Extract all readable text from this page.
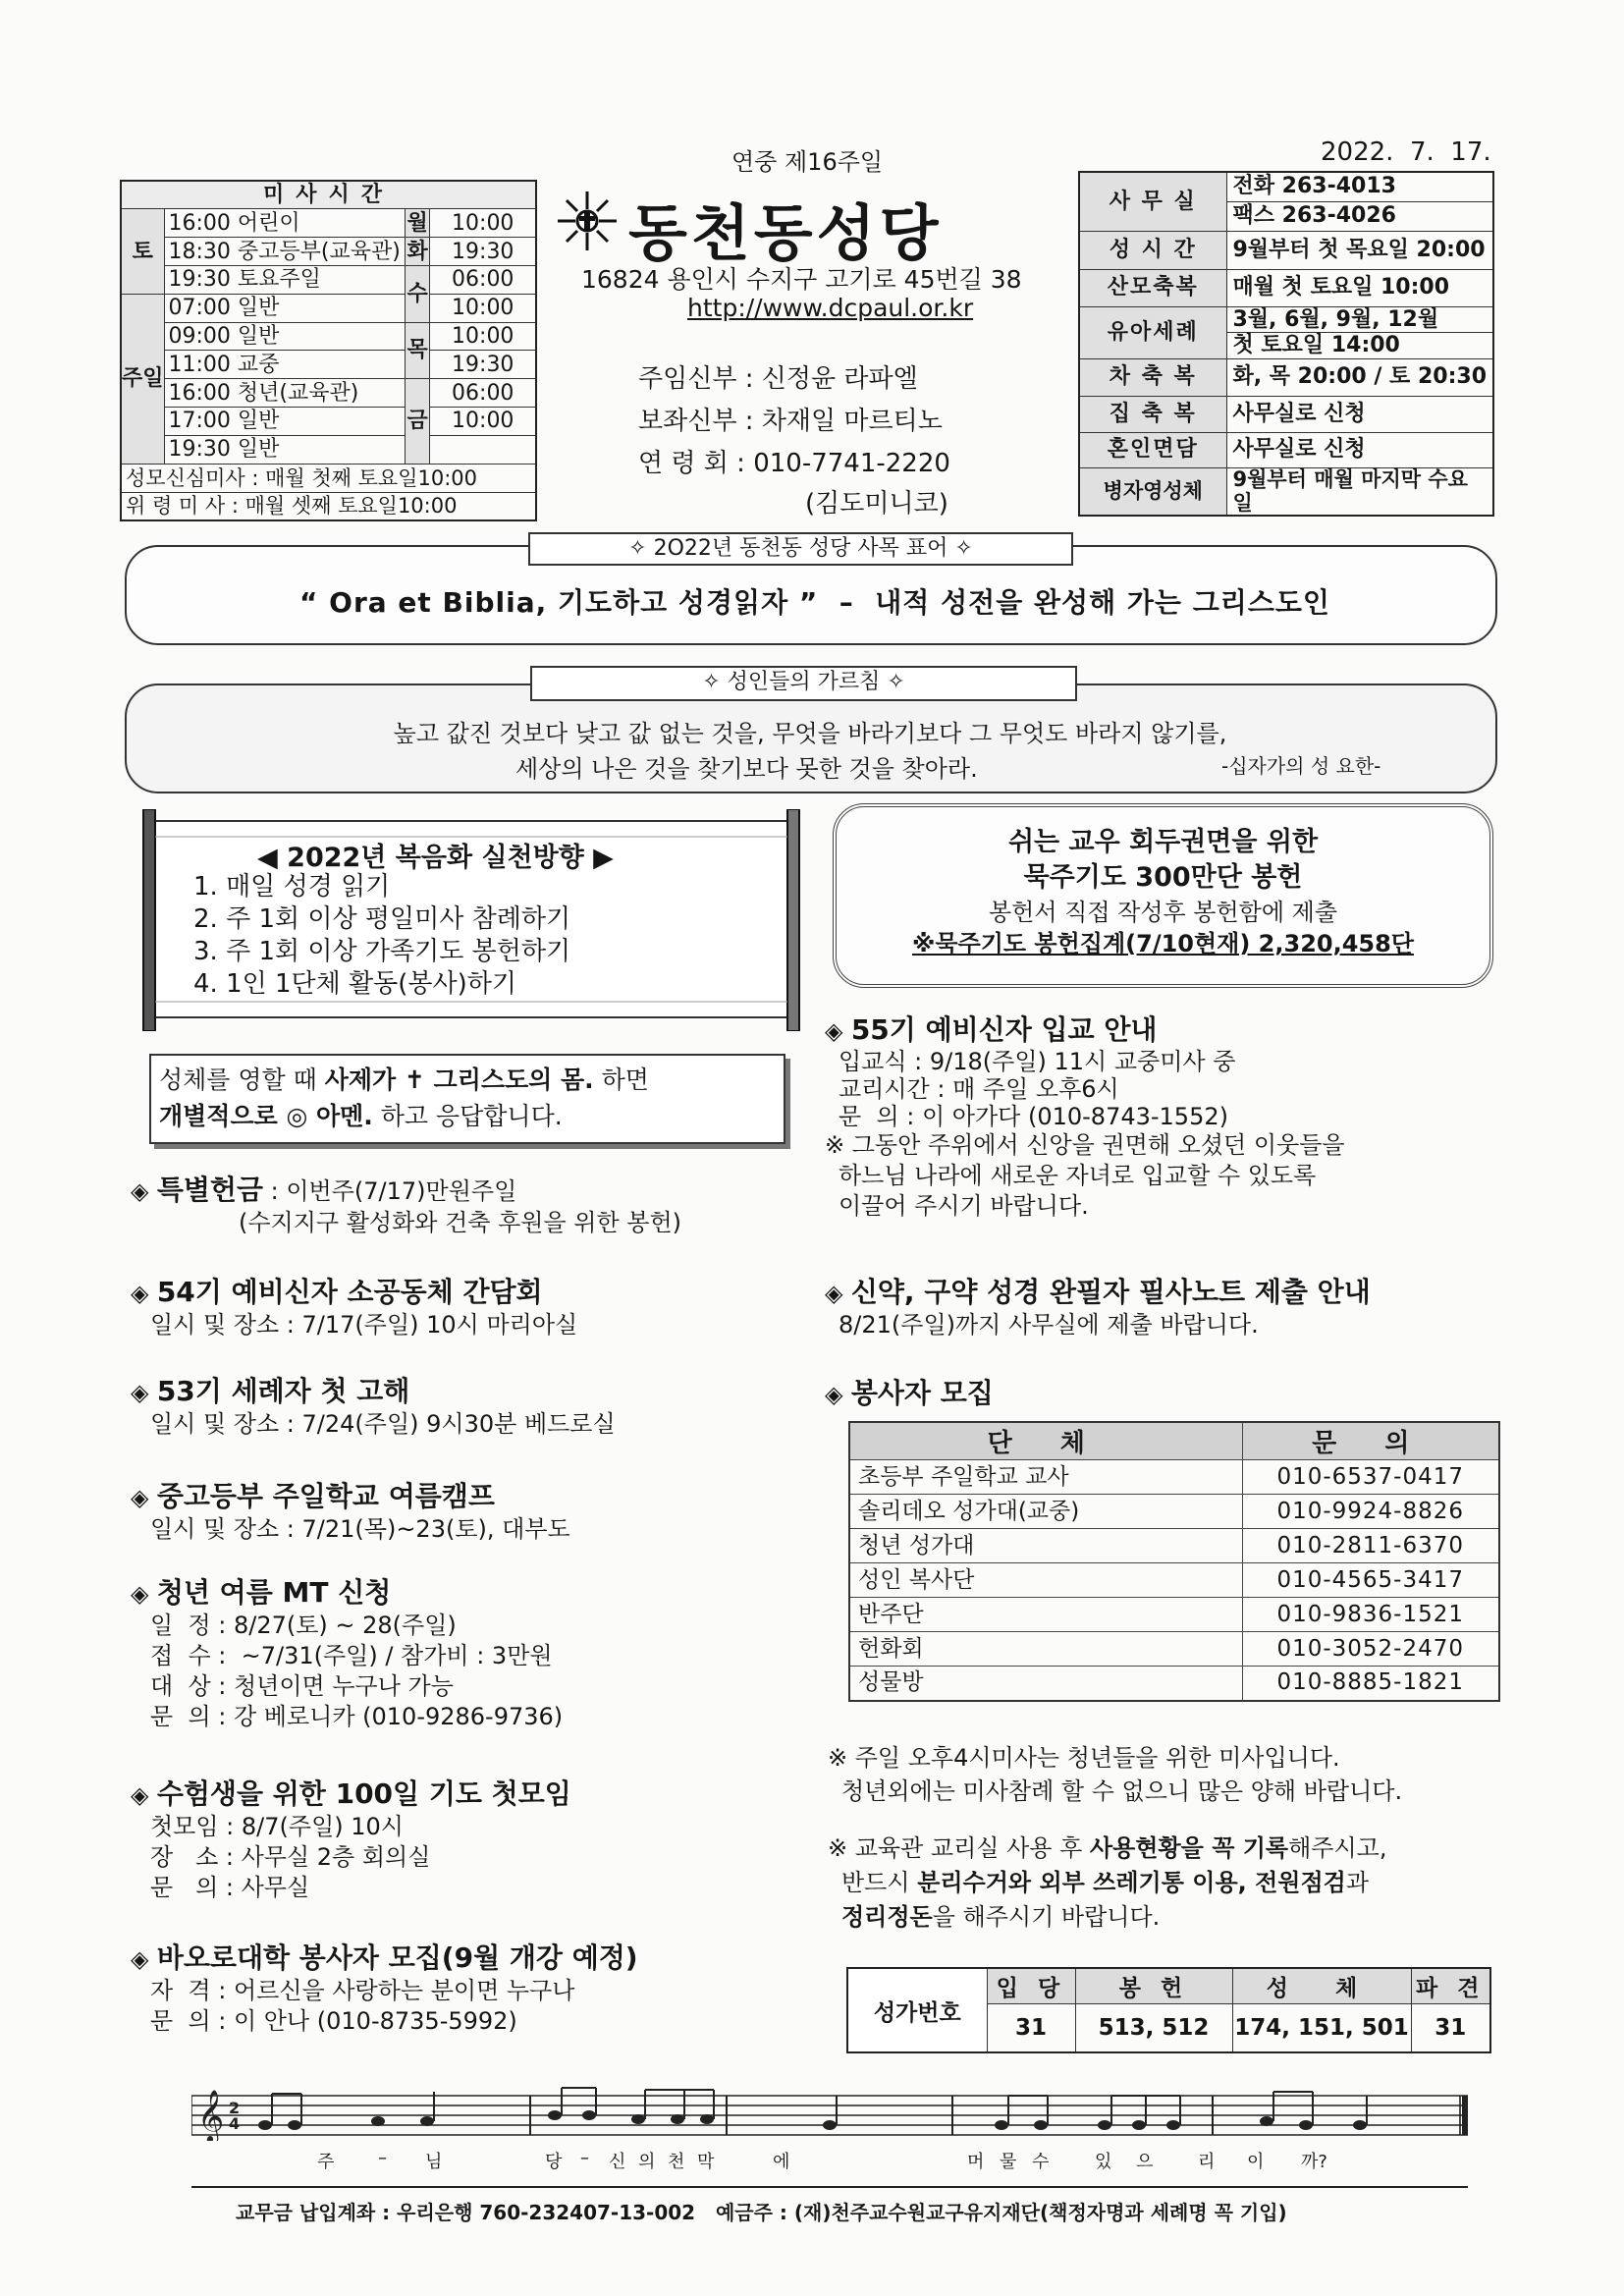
연중 제16주일	2022.  7.  17.
미사시간			
토	16:00 어린이	월	10:00
	18:30 중고등부(교육관)	화	19:30
	19:30 토요주일	수	06:00
주일	07:00 일반		10:00
	09:00 일반	목	10:00
	11:00 교중		19:30
	16:00 청년(교육관)	금	06:00
	17:00 일반		10:00
	19:30 일반		
성모신심미사 : 매월 첫째 토요일10:00			
위 령 미 사 : 매월 셋째 토요일10:00			
동천동성당
16824 용인시 수지구 고기로 45번길 38
http://www.dcpaul.or.kr
주임신부 : 신정윤 라파엘
보좌신부 : 차재일 마르티노
연 령 회 : 010-7741-2220
(김도미니코)
사 무 실	전화 263-4013
	팩스 263-4026
성 시 간	9월부터 첫 목요일 20:00
산모축복	매월 첫 토요일 10:00
유아세례	3월, 6월, 9월, 12월
	첫 토요일 14:00
차 축 복	화, 목 20:00 / 토 20:30
집 축 복	사무실로 신청
혼인면담	사무실로 신청
병자영성체	9월부터 매월 마지막 수요일
✧ 2O22년 동천동 성당 사목 표어 ✧
“ Ora et Biblia, 기도하고 성경읽자 ”  –  내적 성전을 완성해 가는 그리스도인
✧ 성인들의 가르침 ✧
높고 값진 것보다 낮고 값 없는 것을, 무엇을 바라기보다 그 무엇도 바라지 않기를,
세상의 나은 것을 찾기보다 못한 것을 찾아라.	-십자가의 성 요한-
◀ 2022년 복음화 실천방향 ▶
1. 매일 성경 읽기
2. 주 1회 이상 평일미사 참례하기
3. 주 1회 이상 가족기도 봉헌하기
4. 1인 1단체 활동(봉사)하기
쉬는 교우 회두권면을 위한
묵주기도 300만단 봉헌
봉헌서 직접 작성후 봉헌함에 제출
※묵주기도 봉헌집계(7/10현재) 2,320,458단
성체를 영할 때 사제가 ✝ 그리스도의 몸. 하면
개별적으로 ◎ 아멘. 하고 응답합니다.
◈ 특별헌금 : 이번주(7/17)만원주일

(수지지구 활성화와 건축 후원을 위한 봉헌)

◈ 54기 예비신자 소공동체 간담회

일시 및 장소 : 7/17(주일) 10시 마리아실

◈ 53기 세례자 첫 고해

일시 및 장소 : 7/24(주일) 9시30분 베드로실

◈ 중고등부 주일학교 여름캠프

일시 및 장소 : 7/21(목)~23(토), 대부도

◈ 청년 여름 MT 신청

일  정 : 8/27(토) ~ 28(주일)

접  수 :  ~7/31(주일) / 참가비 : 3만원

대  상 : 청년이면 누구나 가능

문  의 : 강 베로니카 (010-9286-9736)

◈ 수험생을 위한 100일 기도 첫모임

첫모임 : 8/7(주일) 10시

장   소 : 사무실 2층 회의실

문   의 : 사무실

◈ 바오로대학 봉사자 모집(9월 개강 예정)

자  격 : 어르신을 사랑하는 분이면 누구나

문  의 : 이 안나 (010-8735-5992)

◈ 55기 예비신자 입교 안내

입교식 : 9/18(주일) 11시 교중미사 중

교리시간 : 매 주일 오후6시

문  의 : 이 아가다 (010-8743-1552)

※ 그동안 주위에서 신앙을 권면해 오셨던 이웃들을

하느님 나라에 새로운 자녀로 입교할 수 있도록

이끌어 주시기 바랍니다.

◈ 신약, 구약 성경 완필자 필사노트 제출 안내

8/21(주일)까지 사무실에 제출 바랍니다.

◈ 봉사자 모집
단 체	문 의
초등부 주일학교 교사	010-6537-0417
솔리데오 성가대(교중)	010-9924-8826
청년 성가대	010-2811-6370
성인 복사단	010-4565-3417
반주단	010-9836-1521
헌화회	010-3052-2470
성물방	010-8885-1821
※ 주일 오후4시미사는 청년들을 위한 미사입니다.
청년외에는 미사참례 할 수 없으니 많은 양해 바랍니다.
※ 교육관 교리실 사용 후 사용현황을 꼭 기록해주시고,
반드시 분리수거와 외부 쓰레기통 이용, 전원점검과
정리정돈을 해주시기 바랍니다.
성가번호	입 당	봉 헌	성 체	파 견
	31	513, 512	174, 151, 501	31
𝄞 2
4
주 – 님	당 – 신 의 천 막	에	머 물 수	있 으	리 이 까?
교무금 납입계좌 : 우리은행 760-232407-13-002   예금주 : (재)천주교수원교구유지재단(책정자명과 세례명 꼭 기입)
